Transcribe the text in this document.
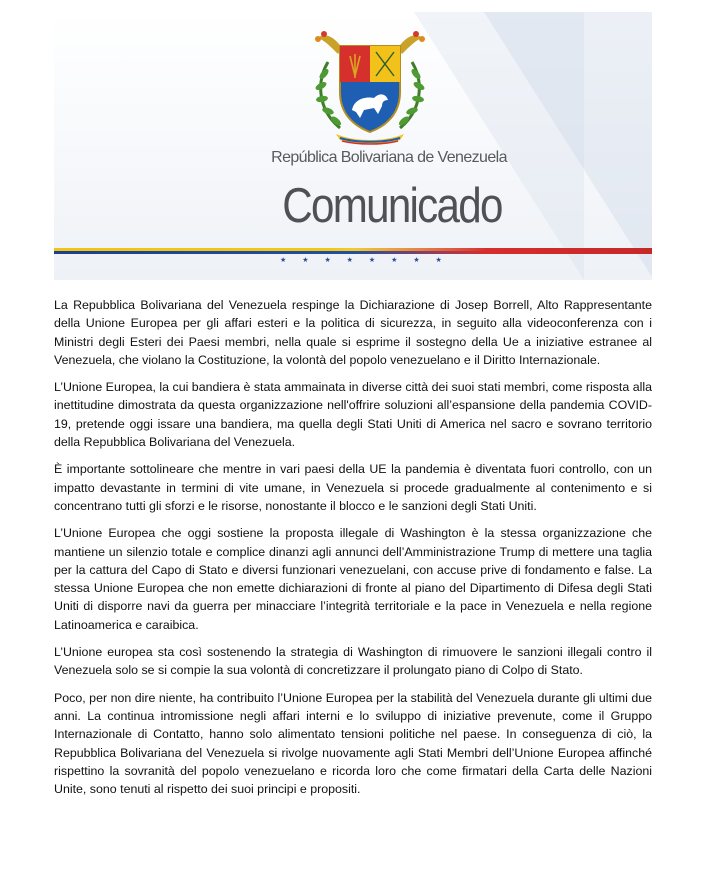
República Bolivariana de Venezuela
Comunicado
★ ★ ★ ★ ★ ★ ★ ★

La Repubblica Bolivariana del Venezuela respinge la Dichiarazione di Josep Borrell, Alto Rappresentante della Unione Europea per gli affari esteri e la politica di sicurezza, in seguito alla videoconferenza con i Ministri degli Esteri dei Paesi membri, nella quale si esprime il sostegno della Ue a iniziative estranee al Venezuela, che violano la Costituzione, la volontà del popolo venezuelano e il Diritto Internazionale.

L’Unione Europea, la cui bandiera è stata ammainata in diverse città dei suoi stati membri, come risposta alla inettitudine dimostrata da questa organizzazione nell'offrire soluzioni all’espansione della pandemia COVID-19, pretende oggi issare una bandiera, ma quella degli Stati Uniti di America nel sacro e sovrano territorio della Repubblica Bolivariana del Venezuela.

È importante sottolineare che mentre in vari paesi della UE la pandemia è diventata fuori controllo, con un impatto devastante in termini di vite umane, in Venezuela si procede gradualmente al contenimento e si concentrano tutti gli sforzi e le risorse, nonostante il blocco e le sanzioni degli Stati Uniti.

L’Unione Europea che oggi sostiene la proposta illegale di Washington è la stessa organizzazione che mantiene un silenzio totale e complice dinanzi agli annunci dell’Amministrazione Trump di mettere una taglia per la cattura del Capo di Stato e diversi funzionari venezuelani, con accuse prive di fondamento e false. La stessa Unione Europea che non emette dichiarazioni di fronte al piano del Dipartimento di Difesa degli Stati Uniti di disporre navi da guerra per minacciare l’integrità territoriale e la pace in Venezuela e nella regione Latinoamerica e caraibica.

L’Unione europea sta così sostenendo la strategia di Washington di rimuovere le sanzioni illegali contro il Venezuela solo se si compie la sua volontà di concretizzare il prolungato piano di Colpo di Stato.

Poco, per non dire niente, ha contribuito l’Unione Europea per la stabilità del Venezuela durante gli ultimi due anni. La continua intromissione negli affari interni e lo sviluppo di iniziative prevenute, come il Gruppo Internazionale di Contatto, hanno solo alimentato tensioni politiche nel paese. In conseguenza di ciò, la Repubblica Bolivariana del Venezuela si rivolge nuovamente agli Stati Membri dell’Unione Europea affinché rispettino la sovranità del popolo venezuelano e ricorda loro che come firmatari della Carta delle Nazioni Unite, sono tenuti al rispetto dei suoi principi e propositi.
